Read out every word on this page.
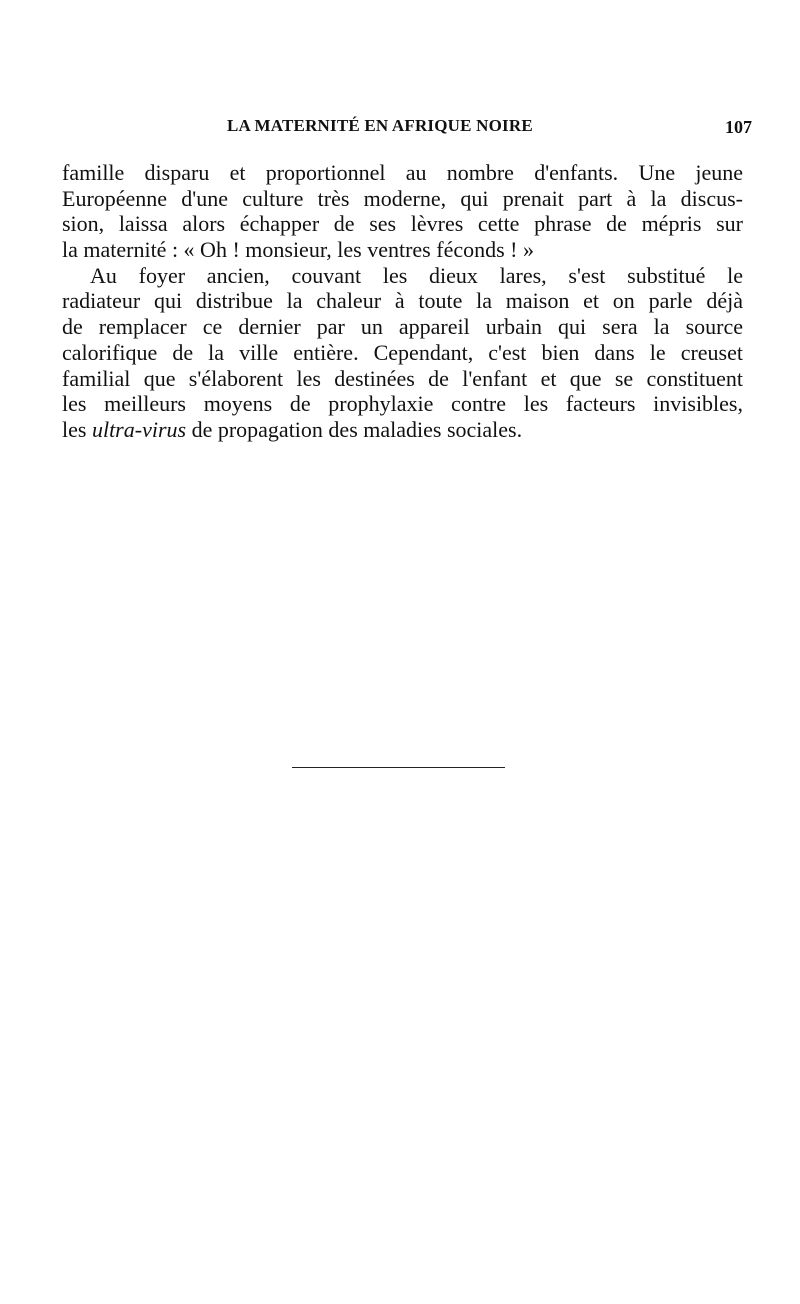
LA MATERNITÉ EN AFRIQUE NOIRE	107
famille disparu et proportionnel au nombre d'enfants. Une jeune
Européenne d'une culture très moderne, qui prenait part à la discus-
sion, laissa alors échapper de ses lèvres cette phrase de mépris sur
la maternité : « Oh ! monsieur, les ventres féconds ! »
Au foyer ancien, couvant les dieux lares, s'est substitué le
radiateur qui distribue la chaleur à toute la maison et on parle déjà
de remplacer ce dernier par un appareil urbain qui sera la source
calorifique de la ville entière. Cependant, c'est bien dans le creuset
familial que s'élaborent les destinées de l'enfant et que se constituent
les meilleurs moyens de prophylaxie contre les facteurs invisibles,
les ultra-virus de propagation des maladies sociales.
